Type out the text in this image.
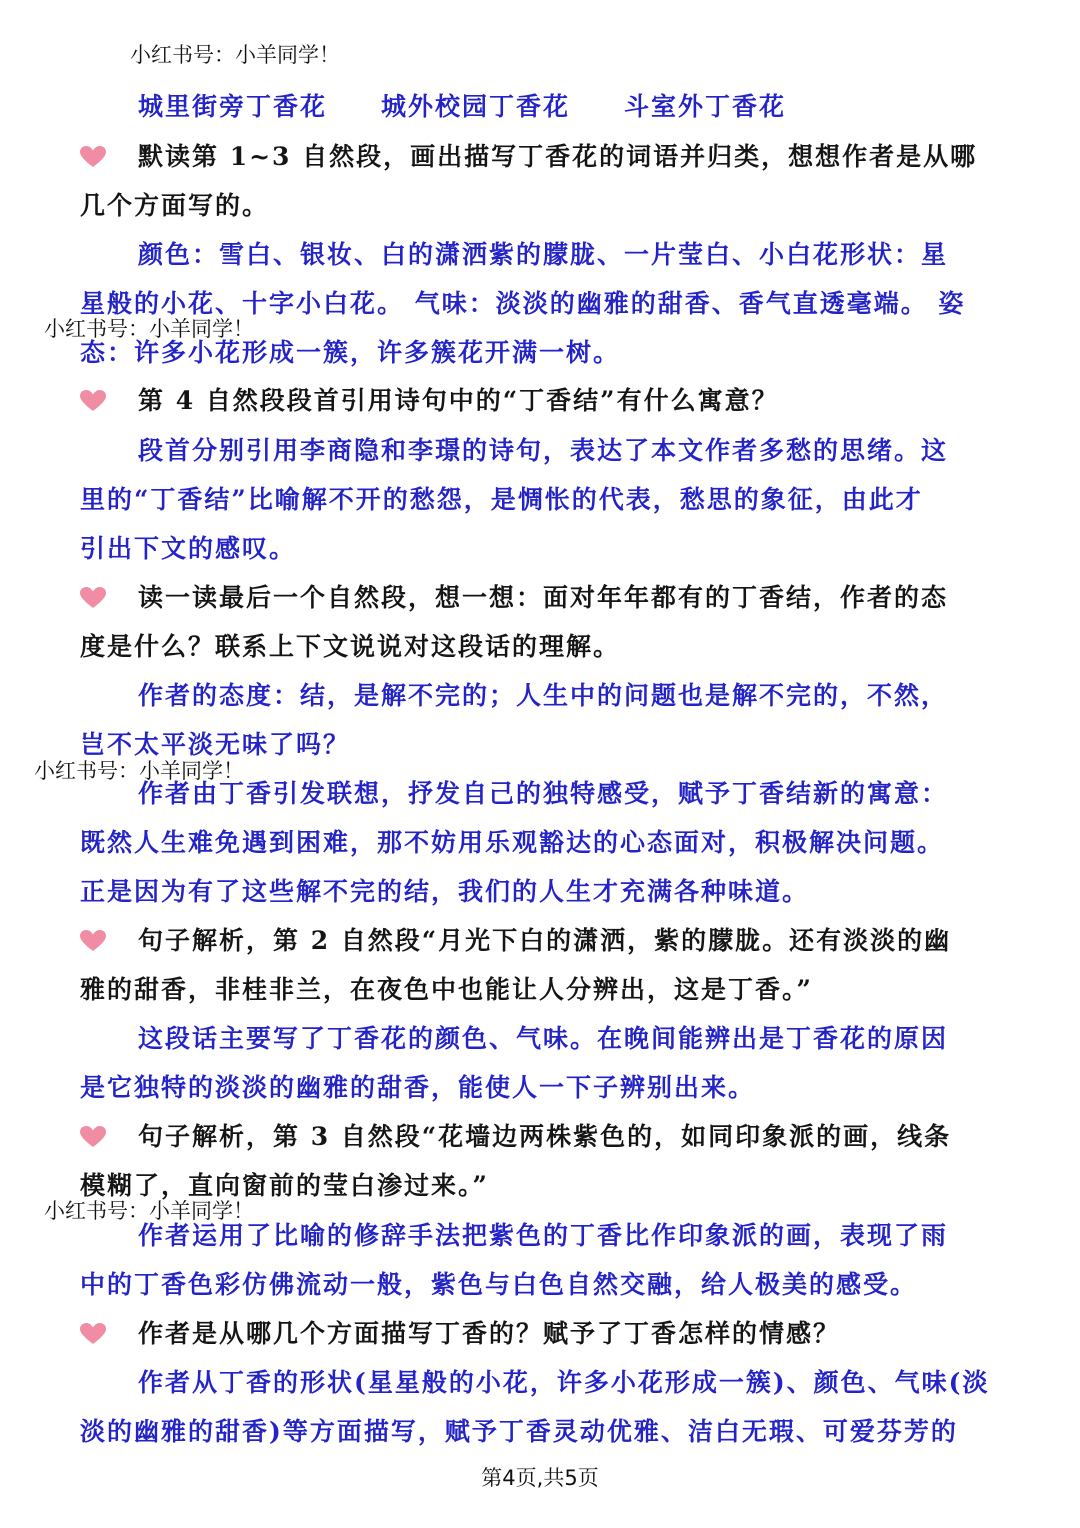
小红书号：小羊同学！
小红书号：小羊同学！
小红书号：小羊同学！
小红书号：小羊同学！
城里街旁丁香花　　城外校园丁香花　　斗室外丁香花
默读第 1~3 自然段，画出描写丁香花的词语并归类，想想作者是从哪
几个方面写的。
颜色：雪白、银妆、白的潇洒紫的朦胧、一片莹白、小白花形状：星
星般的小花、十字小白花。 气味：淡淡的幽雅的甜香、香气直透毫端。 姿
态：许多小花形成一簇，许多簇花开满一树。
第 4 自然段段首引用诗句中的“丁香结”有什么寓意？
段首分别引用李商隐和李璟的诗句，表达了本文作者多愁的思绪。这
里的“丁香结”比喻解不开的愁怨，是惆怅的代表，愁思的象征，由此才
引出下文的感叹。
读一读最后一个自然段，想一想：面对年年都有的丁香结，作者的态
度是什么？联系上下文说说对这段话的理解。
作者的态度：结，是解不完的；人生中的问题也是解不完的，不然，
岂不太平淡无味了吗？
作者由丁香引发联想，抒发自己的独特感受，赋予丁香结新的寓意：
既然人生难免遇到困难，那不妨用乐观豁达的心态面对，积极解决问题。
正是因为有了这些解不完的结，我们的人生才充满各种味道。
句子解析，第 2 自然段“月光下白的潇洒，紫的朦胧。还有淡淡的幽
雅的甜香，非桂非兰，在夜色中也能让人分辨出，这是丁香。”
这段话主要写了丁香花的颜色、气味。在晚间能辨出是丁香花的原因
是它独特的淡淡的幽雅的甜香，能使人一下子辨别出来。
句子解析，第 3 自然段“花墙边两株紫色的，如同印象派的画，线条
模糊了，直向窗前的莹白渗过来。”
作者运用了比喻的修辞手法把紫色的丁香比作印象派的画，表现了雨
中的丁香色彩仿佛流动一般，紫色与白色自然交融，给人极美的感受。
作者是从哪几个方面描写丁香的？赋予了丁香怎样的情感？
作者从丁香的形状(星星般的小花，许多小花形成一簇)、颜色、气味(淡
淡的幽雅的甜香)等方面描写，赋予丁香灵动优雅、洁白无瑕、可爱芬芳的
第4页,共5页
